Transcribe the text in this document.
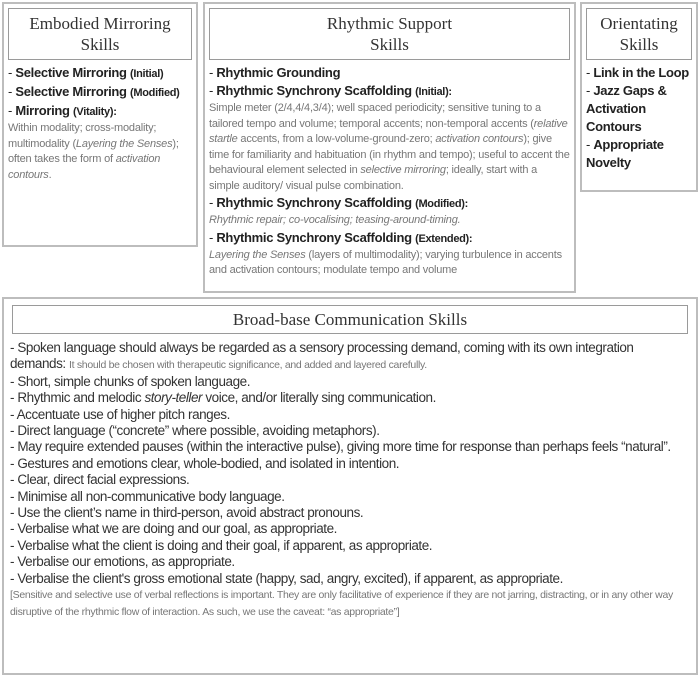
Embodied Mirroring
Skills
- Selective Mirroring (Initial)
- Selective Mirroring (Modified)
- Mirroring (Vitality):
Within modality; cross-modality; multimodality (Layering the Senses); often takes the form of activation contours.
Rhythmic Support
Skills
- Rhythmic Grounding
- Rhythmic Synchrony Scaffolding (Initial):
Simple meter (2/4,4/4,3/4); well spaced periodicity; sensitive tuning to a tailored tempo and volume; temporal accents; non-temporal accents (relative startle accents, from a low-volume-ground-zero; activation contours); give time for familiarity and habituation (in rhythm and tempo); useful to accent the behavioural element selected in selective mirroring; ideally, start with a simple auditory/ visual pulse combination.
- Rhythmic Synchrony Scaffolding (Modified):
Rhythmic repair; co-vocalising; teasing-around-timing.
- Rhythmic Synchrony Scaffolding (Extended):
Layering the Senses (layers of multimodality); varying turbulence in accents and activation contours; modulate tempo and volume
Orientating
Skills
- Link in the Loop
- Jazz Gaps & Activation Contours
- Appropriate Novelty
Broad-base Communication Skills
- Spoken language should always be regarded as a sensory processing demand, coming with its own integration demands: It should be chosen with therapeutic significance, and added and layered carefully.
- Short, simple chunks of spoken language.
- Rhythmic and melodic story-teller voice, and/or literally sing communication.
- Accentuate use of higher pitch ranges.
- Direct language (“concrete” where possible, avoiding metaphors).
- May require extended pauses (within the interactive pulse), giving more time for response than perhaps feels “natural”.
- Gestures and emotions clear, whole-bodied, and isolated in intention.
- Clear, direct facial expressions.
- Minimise all non-communicative body language.
- Use the client’s name in third-person, avoid abstract pronouns.
- Verbalise what we are doing and our goal, as appropriate.
- Verbalise what the client is doing and their goal, if apparent, as appropriate.
- Verbalise our emotions, as appropriate.
- Verbalise the client's gross emotional state (happy, sad, angry, excited), if apparent, as appropriate.
[Sensitive and selective use of verbal reflections is important. They are only facilitative of experience if they are not jarring, distracting, or in any other way disruptive of the rhythmic flow of interaction. As such, we use the caveat: “as appropriate”]
